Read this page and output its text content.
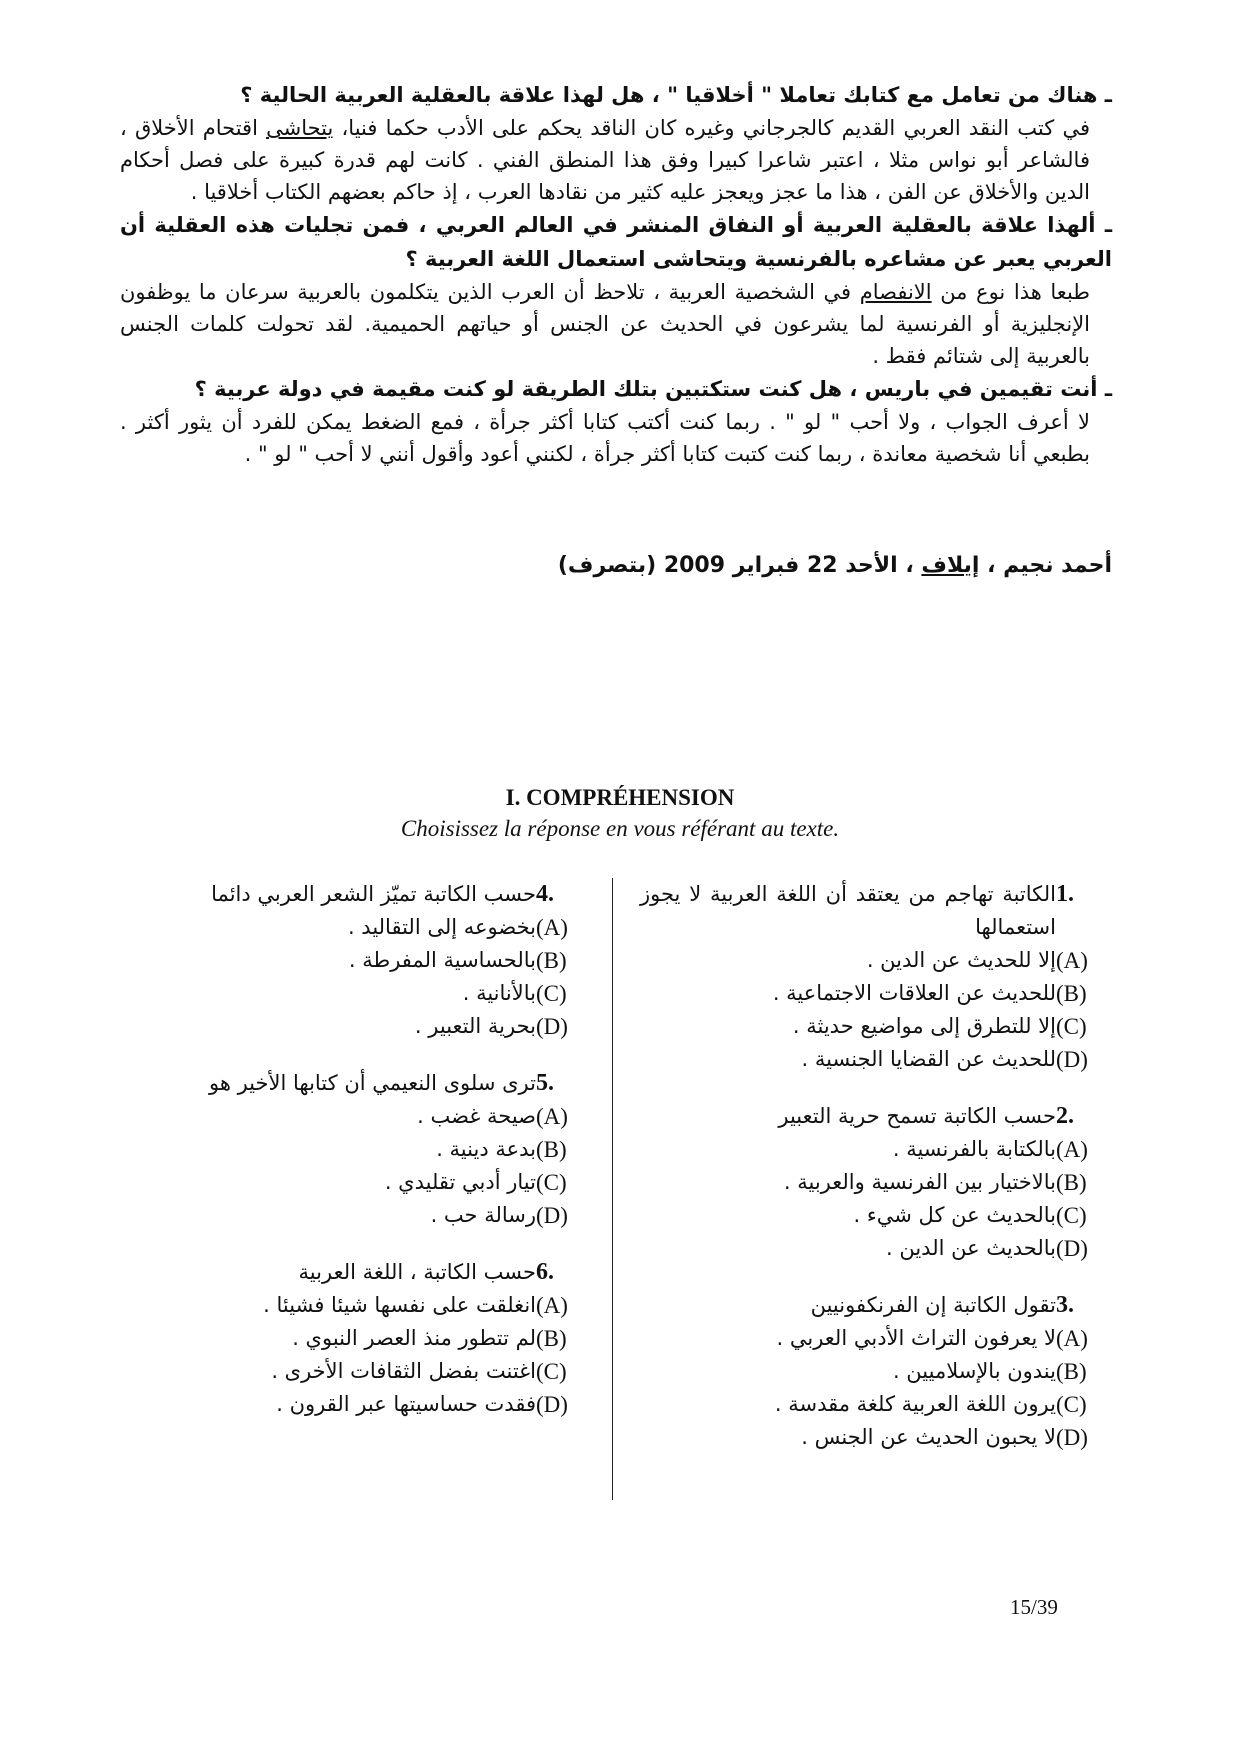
ـ هناك من تعامل مع كتابك تعاملا " أخلاقيا " ، هل لهذا علاقة بالعقلية العربية الحالية ؟

في كتب النقد العربي القديم كالجرجاني وغيره كان الناقد يحكم على الأدب حكما فنيا، يتحاشى اقتحام الأخلاق ، فالشاعر أبو نواس مثلا ، اعتبر شاعرا كبيرا وفق هذا المنطق الفني . كانت لهم قدرة كبيرة على فصل أحكام الدين والأخلاق عن الفن ، هذا ما عجز ويعجز عليه كثير من نقادها العرب ، إذ حاكم بعضهم الكتاب أخلاقيا .

ـ ألهذا علاقة بالعقلية العربية أو النفاق المنشر في العالم العربي ، فمن تجليات هذه العقلية أن العربي يعبر عن مشاعره بالفرنسية ويتحاشى استعمال اللغة العربية ؟

طبعا هذا نوع من الانفصام في الشخصية العربية ، تلاحظ أن العرب الذين يتكلمون بالعربية سرعان ما يوظفون الإنجليزية أو الفرنسية لما يشرعون في الحديث عن الجنس أو حياتهم الحميمية. لقد تحولت كلمات الجنس بالعربية إلى شتائم فقط .

ـ أنت تقيمين في باريس ، هل كنت ستكتبين بتلك الطريقة لو كنت مقيمة في دولة عربية ؟

لا أعرف الجواب ، ولا أحب " لو " . ربما كنت أكتب كتابا أكثر جرأة ، فمع الضغط يمكن للفرد أن يثور أكثر . بطبعي أنا شخصية معاندة ، ربما كنت كتبت كتابا أكثر جرأة ، لكنني أعود وأقول أنني لا أحب " لو " .

أحمد نجيم ، إيلاف ، الأحد 22 فبراير 2009 (بتصرف)
I. COMPRÉHENSION
Choisissez la réponse en vous référant au texte.
1.
الكاتبة تهاجم من يعتقد أن اللغة العربية لا يجوز استعمالها
(A)
إلا للحديث عن الدين .
(B)
للحديث عن العلاقات الاجتماعية .
(C)
إلا للتطرق إلى مواضيع حديثة .
(D)
للحديث عن القضايا الجنسية .
2.
حسب الكاتبة تسمح حرية التعبير
(A)
بالكتابة بالفرنسية .
(B)
بالاختيار بين الفرنسية والعربية .
(C)
بالحديث عن كل شيء .
(D)
بالحديث عن الدين .
3.
تقول الكاتبة إن الفرنكفونيين
(A)
لا يعرفون التراث الأدبي العربي .
(B)
يندون بالإسلاميين .
(C)
يرون اللغة العربية كلغة مقدسة .
(D)
لا يحبون الحديث عن الجنس .
4.
حسب الكاتبة تميّز الشعر العربي دائما
(A)
بخضوعه إلى التقاليد .
(B)
بالحساسية المفرطة .
(C)
بالأنانية .
(D)
بحرية التعبير .
5.
ترى سلوى النعيمي أن كتابها الأخير هو
(A)
صيحة غضب .
(B)
بدعة دينية .
(C)
تيار أدبي تقليدي .
(D)
رسالة حب .
6.
حسب الكاتبة ، اللغة العربية
(A)
انغلقت على نفسها شيئا فشيئا .
(B)
لم تتطور منذ العصر النبوي .
(C)
اغتنت بفضل الثقافات الأخرى .
(D)
فقدت حساسيتها عبر القرون .
15/39
